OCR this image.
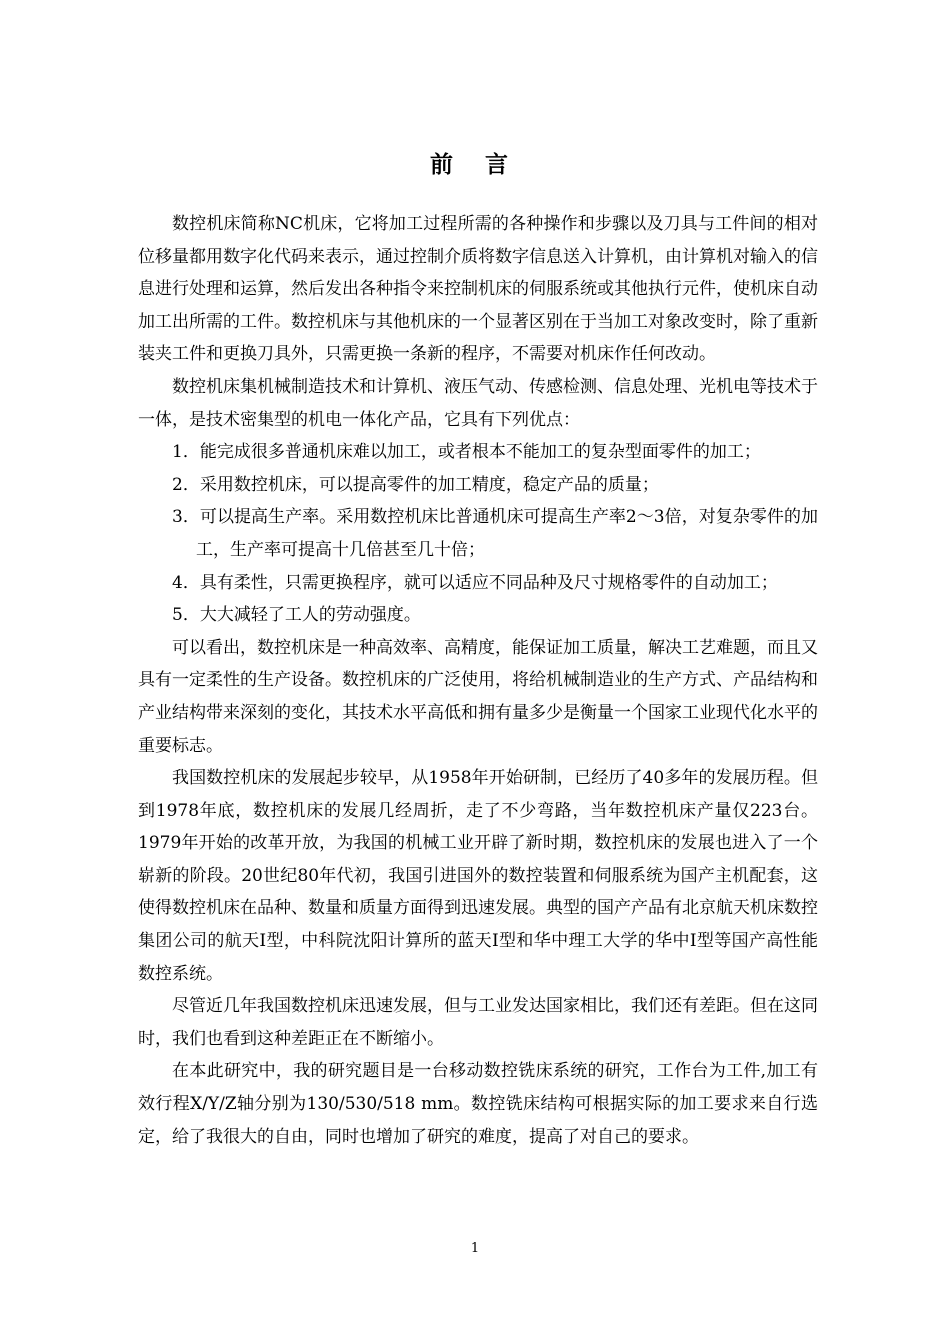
前 言

数控机床简称NC机床，它将加工过程所需的各种操作和步骤以及刀具与工件间的相对位移量都用数字化代码来表示，通过控制介质将数字信息送入计算机，由计算机对输入的信息进行处理和运算，然后发出各种指令来控制机床的伺服系统或其他执行元件，使机床自动加工出所需的工件。数控机床与其他机床的一个显著区别在于当加工对象改变时，除了重新装夹工件和更换刀具外，只需更换一条新的程序，不需要对机床作任何改动。

数控机床集机械制造技术和计算机、液压气动、传感检测、信息处理、光机电等技术于一体，是技术密集型的机电一体化产品，它具有下列优点：

1．能完成很多普通机床难以加工，或者根本不能加工的复杂型面零件的加工；
2．采用数控机床，可以提高零件的加工精度，稳定产品的质量；
3．可以提高生产率。采用数控机床比普通机床可提高生产率2～3倍，对复杂零件的加工，生产率可提高十几倍甚至几十倍；
4．具有柔性，只需更换程序，就可以适应不同品种及尺寸规格零件的自动加工；
5．大大减轻了工人的劳动强度。

可以看出，数控机床是一种高效率、高精度，能保证加工质量，解决工艺难题，而且又具有一定柔性的生产设备。数控机床的广泛使用，将给机械制造业的生产方式、产品结构和产业结构带来深刻的变化，其技术水平高低和拥有量多少是衡量一个国家工业现代化水平的重要标志。

我国数控机床的发展起步较早，从1958年开始研制，已经历了40多年的发展历程。但到1978年底，数控机床的发展几经周折，走了不少弯路，当年数控机床产量仅223台。1979年开始的改革开放，为我国的机械工业开辟了新时期，数控机床的发展也进入了一个崭新的阶段。20世纪80年代初，我国引进国外的数控装置和伺服系统为国产主机配套，这使得数控机床在品种、数量和质量方面得到迅速发展。典型的国产产品有北京航天机床数控集团公司的航天Ⅰ型，中科院沈阳计算所的蓝天Ⅰ型和华中理工大学的华中Ⅰ型等国产高性能数控系统。

尽管近几年我国数控机床迅速发展，但与工业发达国家相比，我们还有差距。但在这同时，我们也看到这种差距正在不断缩小。

在本此研究中，我的研究题目是一台移动数控铣床系统的研究，工作台为工件,加工有效行程X/Y/Z轴分别为130/530/518 mm。数控铣床结构可根据实际的加工要求来自行选定，给了我很大的自由，同时也增加了研究的难度，提高了对自己的要求。

1
